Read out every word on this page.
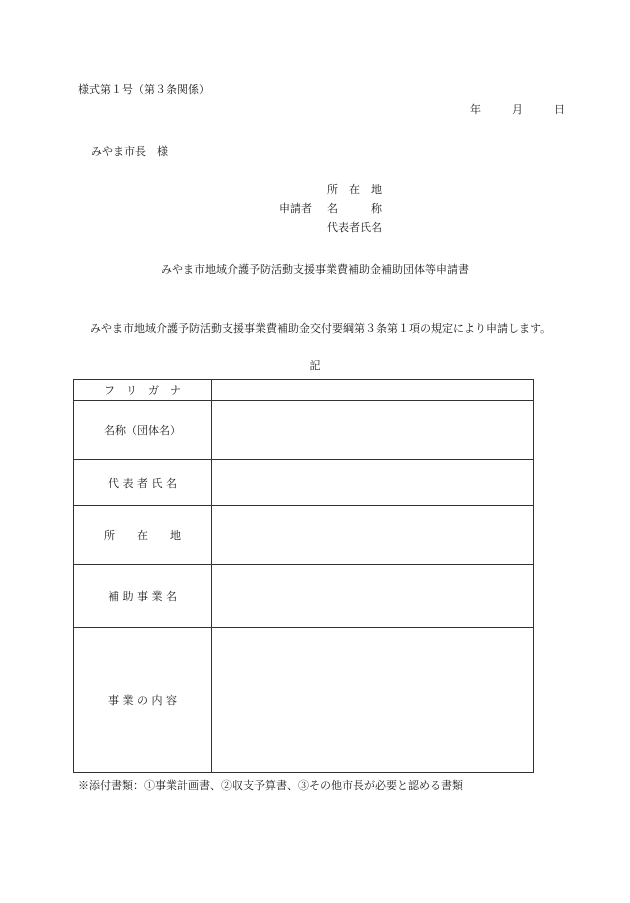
様式第１号（第３条関係）
年	月	日
みやま市長　様
所　在　地
申請者 名　　　称
代表者氏名
みやま市地域介護予防活動支援事業費補助金補助団体等申請書
みやま市地域介護予防活動支援事業費補助金交付要綱第３条第１項の規定により申請します。
記
フ　リ　ガ　ナ	
名称（団体名）	
代 表 者 氏 名	
所　　在　　地	
補 助 事 業 名	
事 業 の 内 容	
※添付書類：①事業計画書、②収支予算書、③その他市長が必要と認める書類
